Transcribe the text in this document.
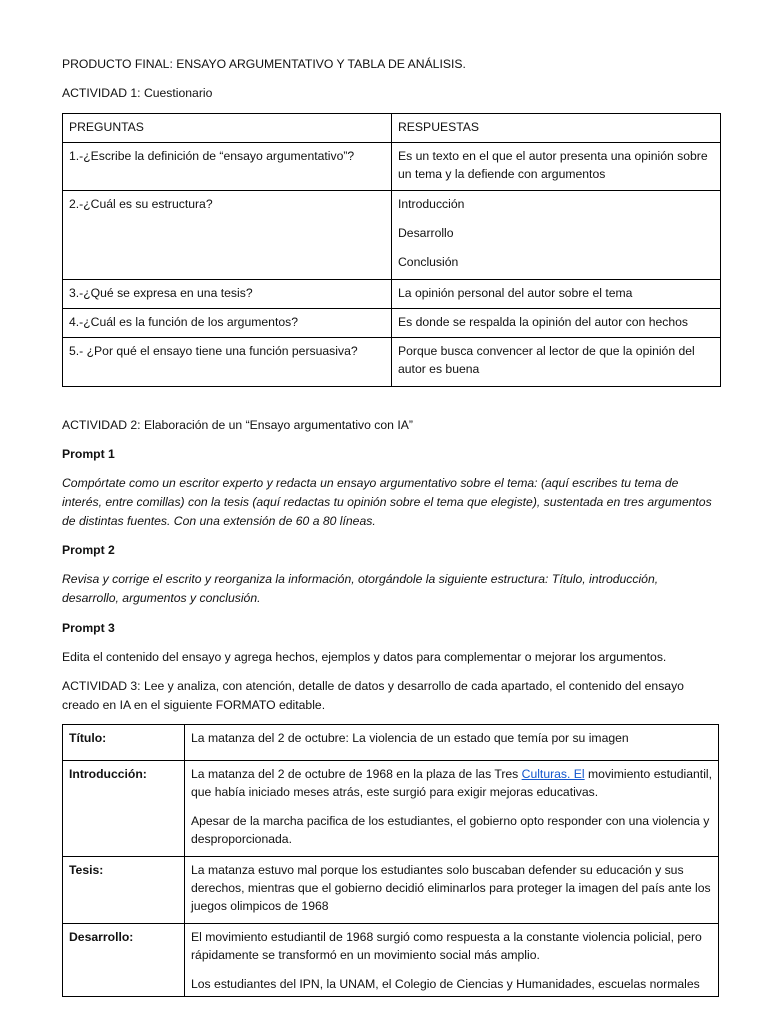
PRODUCTO FINAL: ENSAYO ARGUMENTATIVO Y TABLA DE ANÁLISIS.
ACTIVIDAD 1: Cuestionario
PREGUNTAS	RESPUESTAS
1.-¿Escribe la definición de “ensayo argumentativo”?	Es un texto en el que el autor presenta una opinión sobre un tema y la defiende con argumentos

2.-¿Cuál es su estructura?	Introducción

Desarrollo

Conclusión

3.-¿Qué se expresa en una tesis?	La opinión personal del autor sobre el tema

4.-¿Cuál es la función de los argumentos?	Es donde se respalda la opinión del autor con hechos

5.- ¿Por qué el ensayo tiene una función persuasiva?	Porque busca convencer al lector de que la opinión del autor es buena

ACTIVIDAD 2: Elaboración de un “Ensayo argumentativo con IA”
Prompt 1
Compórtate como un escritor experto y redacta un ensayo argumentativo sobre el tema: (aquí escribes tu tema de interés, entre comillas) con la tesis (aquí redactas tu opinión sobre el tema que elegiste), sustentada en tres argumentos de distintas fuentes. Con una extensión de 60 a 80 líneas.
Prompt 2
Revisa y corrige el escrito y reorganiza la información, otorgándole la siguiente estructura: Título, introducción, desarrollo, argumentos y conclusión.
Prompt 3
Edita el contenido del ensayo y agrega hechos, ejemplos y datos para complementar o mejorar los argumentos.
ACTIVIDAD 3: Lee y analiza, con atención, detalle de datos y desarrollo de cada apartado, el contenido del ensayo creado en IA en el siguiente FORMATO editable.
Título:	La matanza del 2 de octubre: La violencia de un estado que temía por su imagen
Introducción:	La matanza del 2 de octubre de 1968 en la plaza de las Tres Culturas. El movimiento estudiantil, que había iniciado meses atrás, este surgió para exigir mejoras educativas.

Apesar de la marcha pacifica de los estudiantes, el gobierno opto responder con una violencia y desproporcionada.

Tesis:	La matanza estuvo mal porque los estudiantes solo buscaban defender su educación y sus derechos, mientras que el gobierno decidió eliminarlos para proteger la imagen del país ante los juegos olimpicos de 1968
Desarrollo:	El movimiento estudiantil de 1968 surgió como respuesta a la constante violencia policial, pero rápidamente se transformó en un movimiento social más amplio.

Los estudiantes del IPN, la UNAM, el Colegio de Ciencias y Humanidades, escuelas normales
